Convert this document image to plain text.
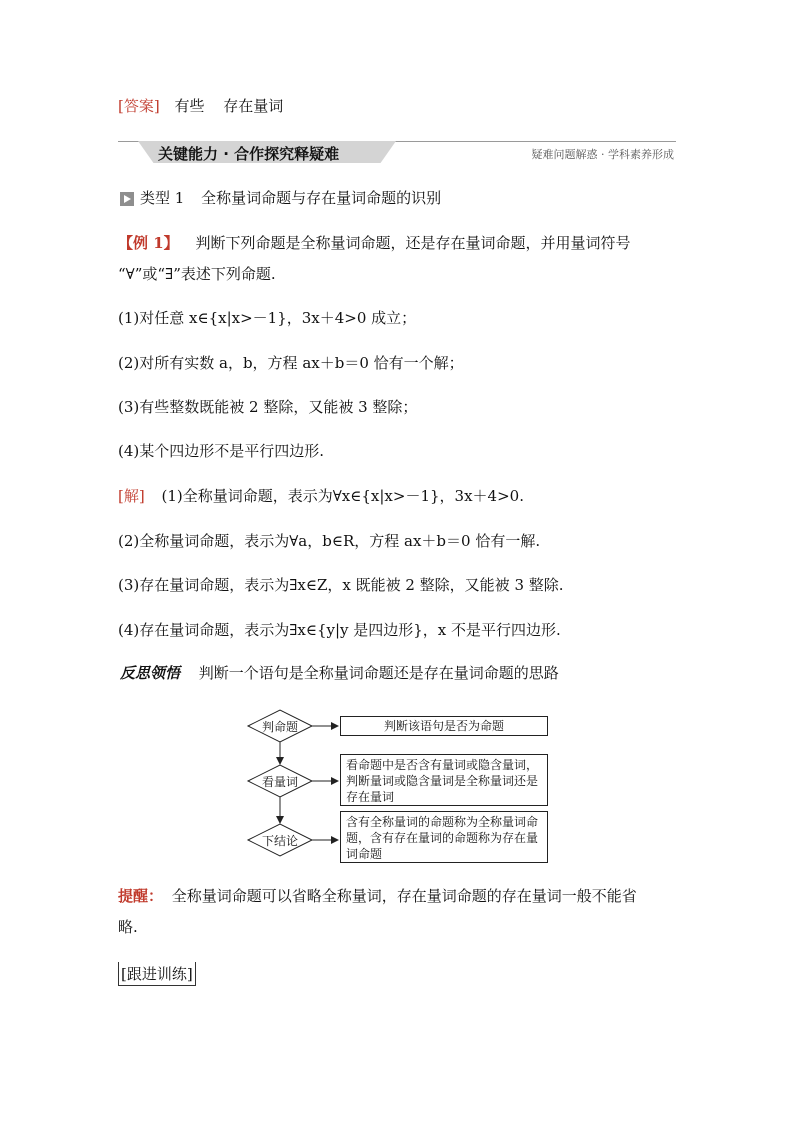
[答案] 有些 存在量词
关键能力 · 合作探究释疑难	疑难问题解惑 · 学科素养形成
类型 1 全称量词命题与存在量词命题的识别
【例 1】 判断下列命题是全称量词命题，还是存在量词命题，并用量词符号
“∀”或“∃”表述下列命题.
(1)对任意 x∈{x|x>－1}，3x＋4>0 成立；
(2)对所有实数 a，b，方程 ax＋b＝0 恰有一个解；
(3)有些整数既能被 2 整除，又能被 3 整除；
(4)某个四边形不是平行四边形.
[解] (1)全称量词命题，表示为∀x∈{x|x>－1}，3x＋4>0.
(2)全称量词命题，表示为∀a，b∈R，方程 ax＋b＝0 恰有一解.
(3)存在量词命题，表示为∃x∈Z，x 既能被 2 整除，又能被 3 整除.
(4)存在量词命题，表示为∃x∈{y|y 是四边形}，x 不是平行四边形.
反思领悟 判断一个语句是全称量词命题还是存在量词命题的思路
判命题
看量词
下结论
判断该语句是否为命题
看命题中是否含有量词或隐含量词，判断量词或隐含量词是全称量词还是存在量词
含有全称量词的命题称为全称量词命题，含有存在量词的命题称为存在量词命题
提醒： 全称量词命题可以省略全称量词，存在量词命题的存在量词一般不能省
略.
[跟进训练]
